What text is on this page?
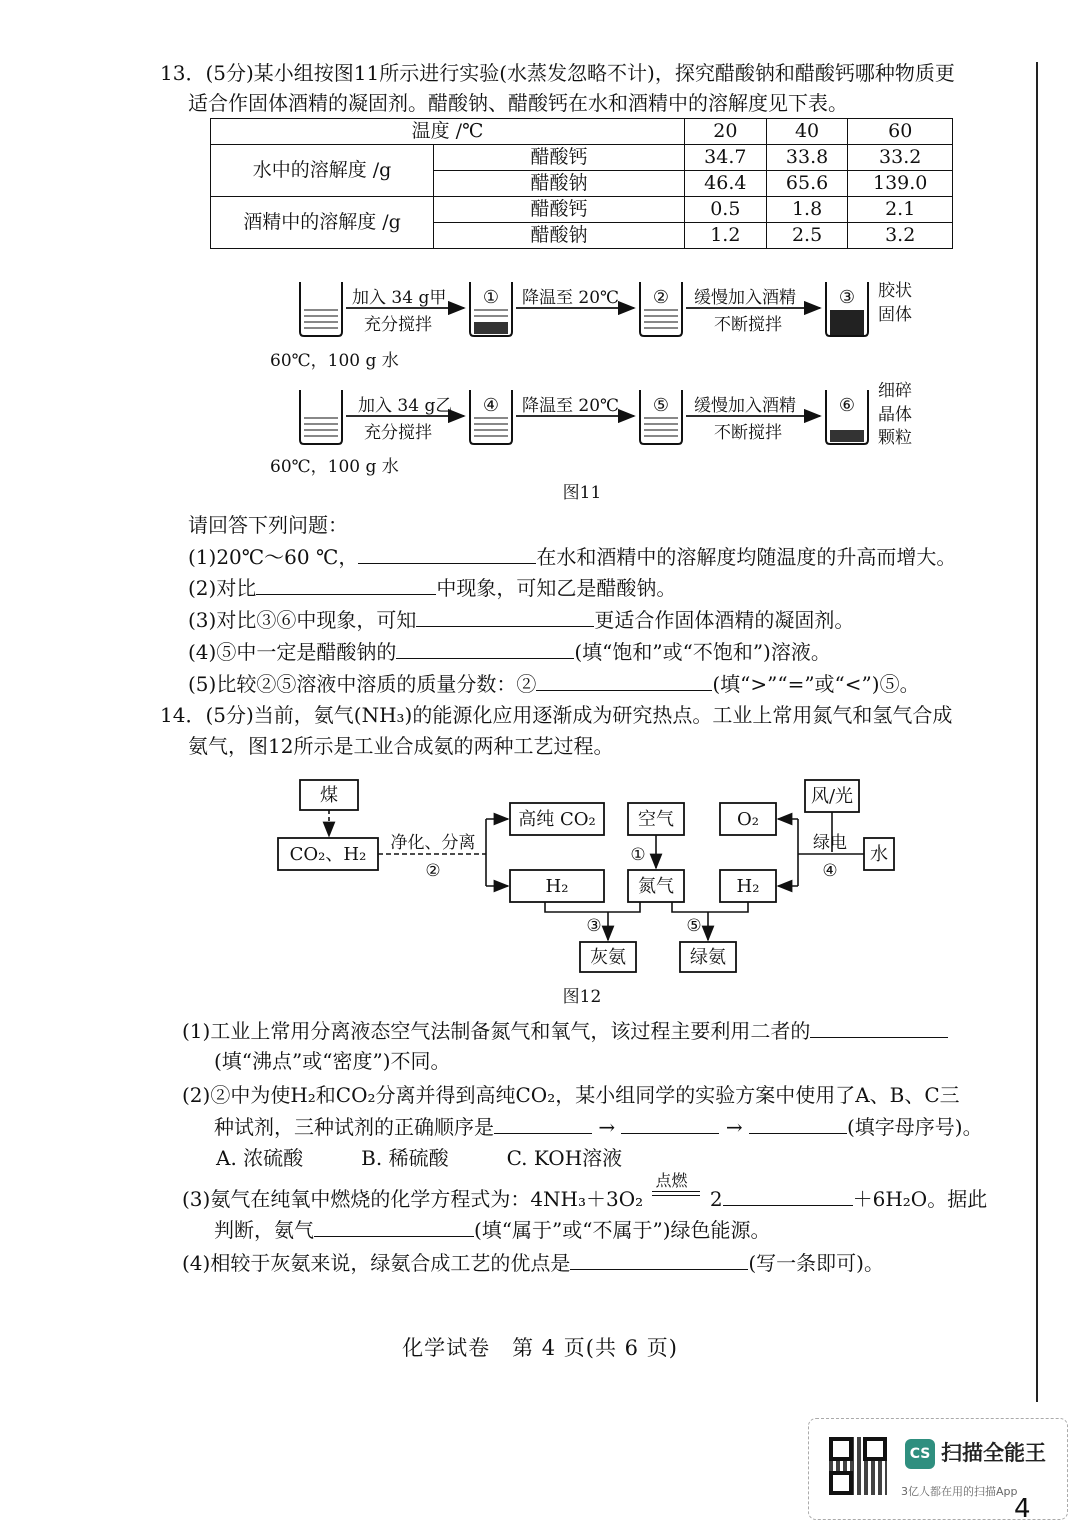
13．(5分)某小组按图11所示进行实验(水蒸发忽略不计)，探究醋酸钠和醋酸钙哪种物质更
适合作固体酒精的凝固剂。醋酸钠、醋酸钙在水和酒精中的溶解度见下表。
温度 /℃		20	40	60
水中的溶解度 /g	醋酸钙	34.7	33.8	33.2
	醋酸钠	46.4	65.6	139.0
酒精中的溶解度 /g	醋酸钙	0.5	1.8	2.1
	醋酸钠	1.2	2.5	3.2
加入 34 g甲
充分搅拌
降温至 20℃	缓慢加入酒精
不断搅拌
胶状
固体
60℃，100 g 水
加入 34 g乙
充分搅拌
降温至 20℃	缓慢加入酒精
不断搅拌
细碎
晶体
颗粒
60℃，100 g 水
①	②	③
④	⑤	⑥
图11
请回答下列问题：
(1)20℃～60 ℃，	在水和酒精中的溶解度均随温度的升高而增大。
(2)对比	中现象，可知乙是醋酸钠。
(3)对比③⑥中现象，可知	更适合作固体酒精的凝固剂。
(4)⑤中一定是醋酸钠的	(填“饱和”或“不饱和”)溶液。
(5)比较②⑤溶液中溶质的质量分数：②	(填“>”“=”或“<”)⑤。
14．(5分)当前，氨气(NH₃)的能源化应用逐渐成为研究热点。工业上常用氮气和氢气合成
氨气，图12所示是工业合成氨的两种工艺过程。
煤
CO₂、H₂
净化、分离
②
高纯 CO₂
H₂
空气
①
氮气
O₂
H₂
风/光
绿电
水
④
③	⑤
灰氨	绿氨
图12
(1)工业上常用分离液态空气法制备氮气和氧气，该过程主要利用二者的
(填“沸点”或“密度”)不同。
(2)②中为使H₂和CO₂分离并得到高纯CO₂，某小组同学的实验方案中使用了A、B、C三
种试剂，三种试剂的正确顺序是	→	→	(填字母序号)。
A. 浓硫酸	B. 稀硫酸	C. KOH溶液
(3)氨气在纯氧中燃烧的化学方程式为：4NH₃＋3O₂
点燃
2	＋6H₂O。据此
判断，氨气	(填“属于”或“不属于”)绿色能源。
(4)相较于灰氨来说，绿氨合成工艺的优点是	(写一条即可)。
化学试卷　第 4 页(共 6 页)
CS 扫描全能王
3亿人都在用的扫描App
4
